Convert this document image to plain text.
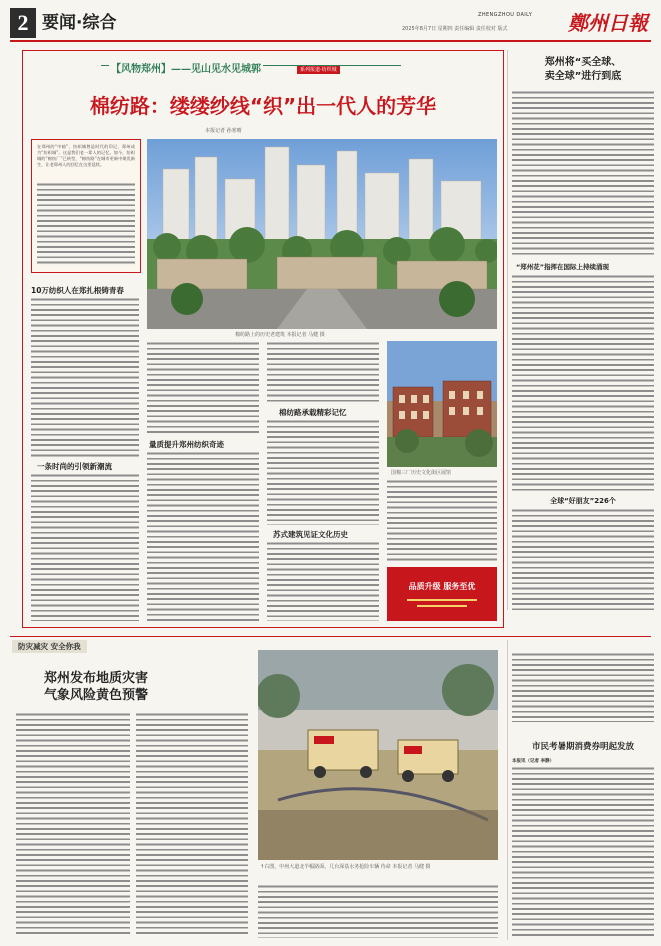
2 要闻·综合	ZHENGZHOU DAILY
2025年8月7日 星期四 责任编辑 责任校对 版式	鄭州日報
【风物郑州】——见山见水见城郭	系列报道·纺织城
棉纺路：缕缕纱线“织”出一代人的芳华
本报记者 孙寒晴
在郑州的“中轴”，纺织城曾是时代的印记，郑州成为“纺织城”。这是我们老一辈人的记忆。如今，纺织城的“棉纺厂”已转型，“棉纺路”在城市更新中焕发新生，让老郑州人的回忆在这里延续。
棉纺路上的历史老建筑 本报记者 马健 摄
10万纺织人在郑扎根铸青春
一条时尚的引领新潮流
量质提升郑州纺织奇迹
棉纺路承载精彩记忆
苏式建筑见证文化历史
国棉三厂历史文化街区展馆
品质升级 服务至优
郑州将“买全球、
卖全球”进行到底
“郑州花”指挥在国际上持续涌现
全球“好朋友”226个
防灾减灾 安全你我
郑州发布地质灾害
气象风险黄色预警
↑右图，中州大道北半幅路面，几台深基水务抢险车辆 待命 本报记者 马健 摄
市民考暑期消费券明起发放
本报讯（记者 李静）
